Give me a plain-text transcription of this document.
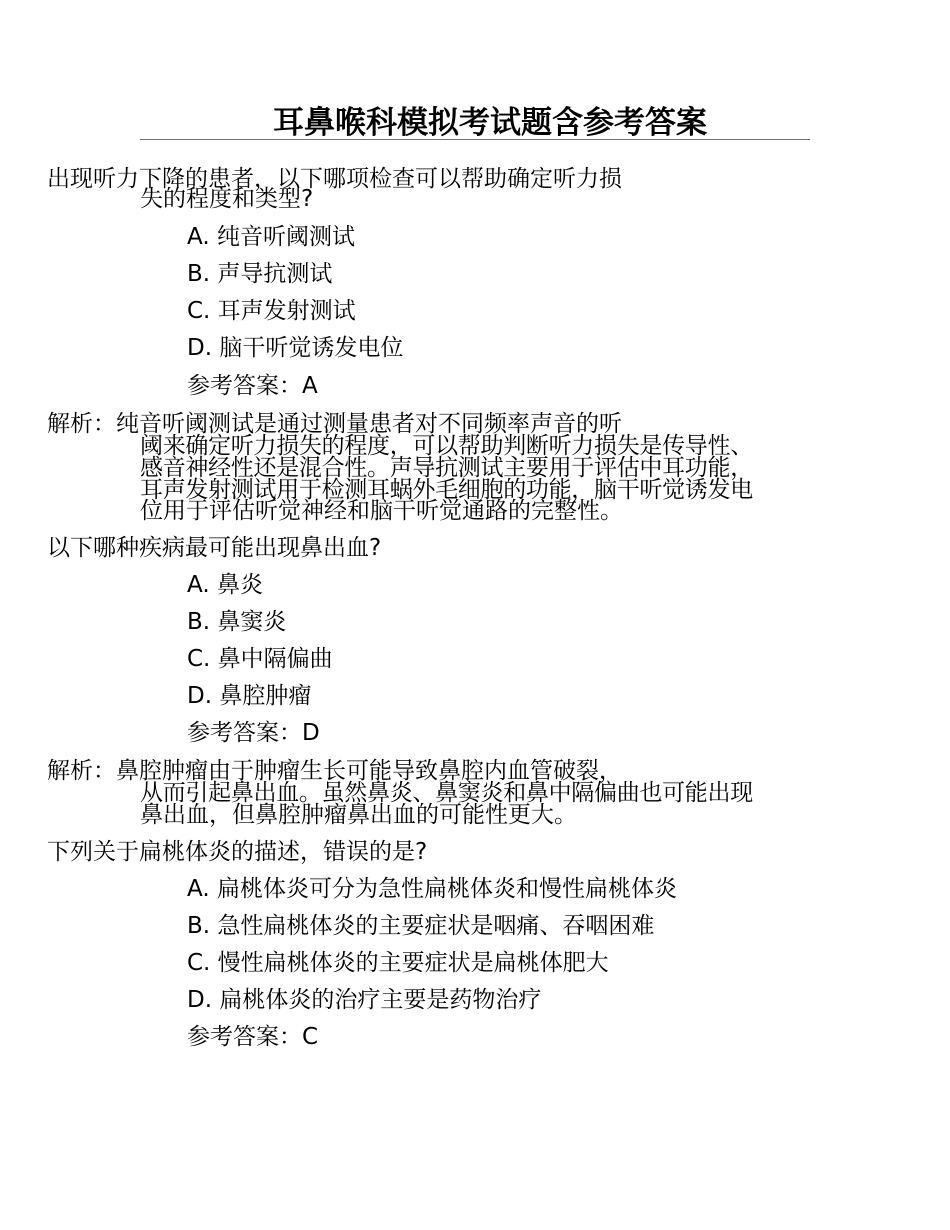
耳鼻喉科模拟考试题含参考答案
出现听力下降的患者，以下哪项检查可以帮助确定听力损
失的程度和类型?
A. 纯音听阈测试
B. 声导抗测试
C. 耳声发射测试
D. 脑干听觉诱发电位
参考答案：A
解析：纯音听阈测试是通过测量患者对不同频率声音的听
阈来确定听力损失的程度，可以帮助判断听力损失是传导性、
感音神经性还是混合性。声导抗测试主要用于评估中耳功能，
耳声发射测试用于检测耳蜗外毛细胞的功能，脑干听觉诱发电
位用于评估听觉神经和脑干听觉通路的完整性。
以下哪种疾病最可能出现鼻出血?
A. 鼻炎
B. 鼻窦炎
C. 鼻中隔偏曲
D. 鼻腔肿瘤
参考答案：D
解析：鼻腔肿瘤由于肿瘤生长可能导致鼻腔内血管破裂，
从而引起鼻出血。虽然鼻炎、鼻窦炎和鼻中隔偏曲也可能出现
鼻出血，但鼻腔肿瘤鼻出血的可能性更大。
下列关于扁桃体炎的描述，错误的是?
A. 扁桃体炎可分为急性扁桃体炎和慢性扁桃体炎
B. 急性扁桃体炎的主要症状是咽痛、吞咽困难
C. 慢性扁桃体炎的主要症状是扁桃体肥大
D. 扁桃体炎的治疗主要是药物治疗
参考答案：C
